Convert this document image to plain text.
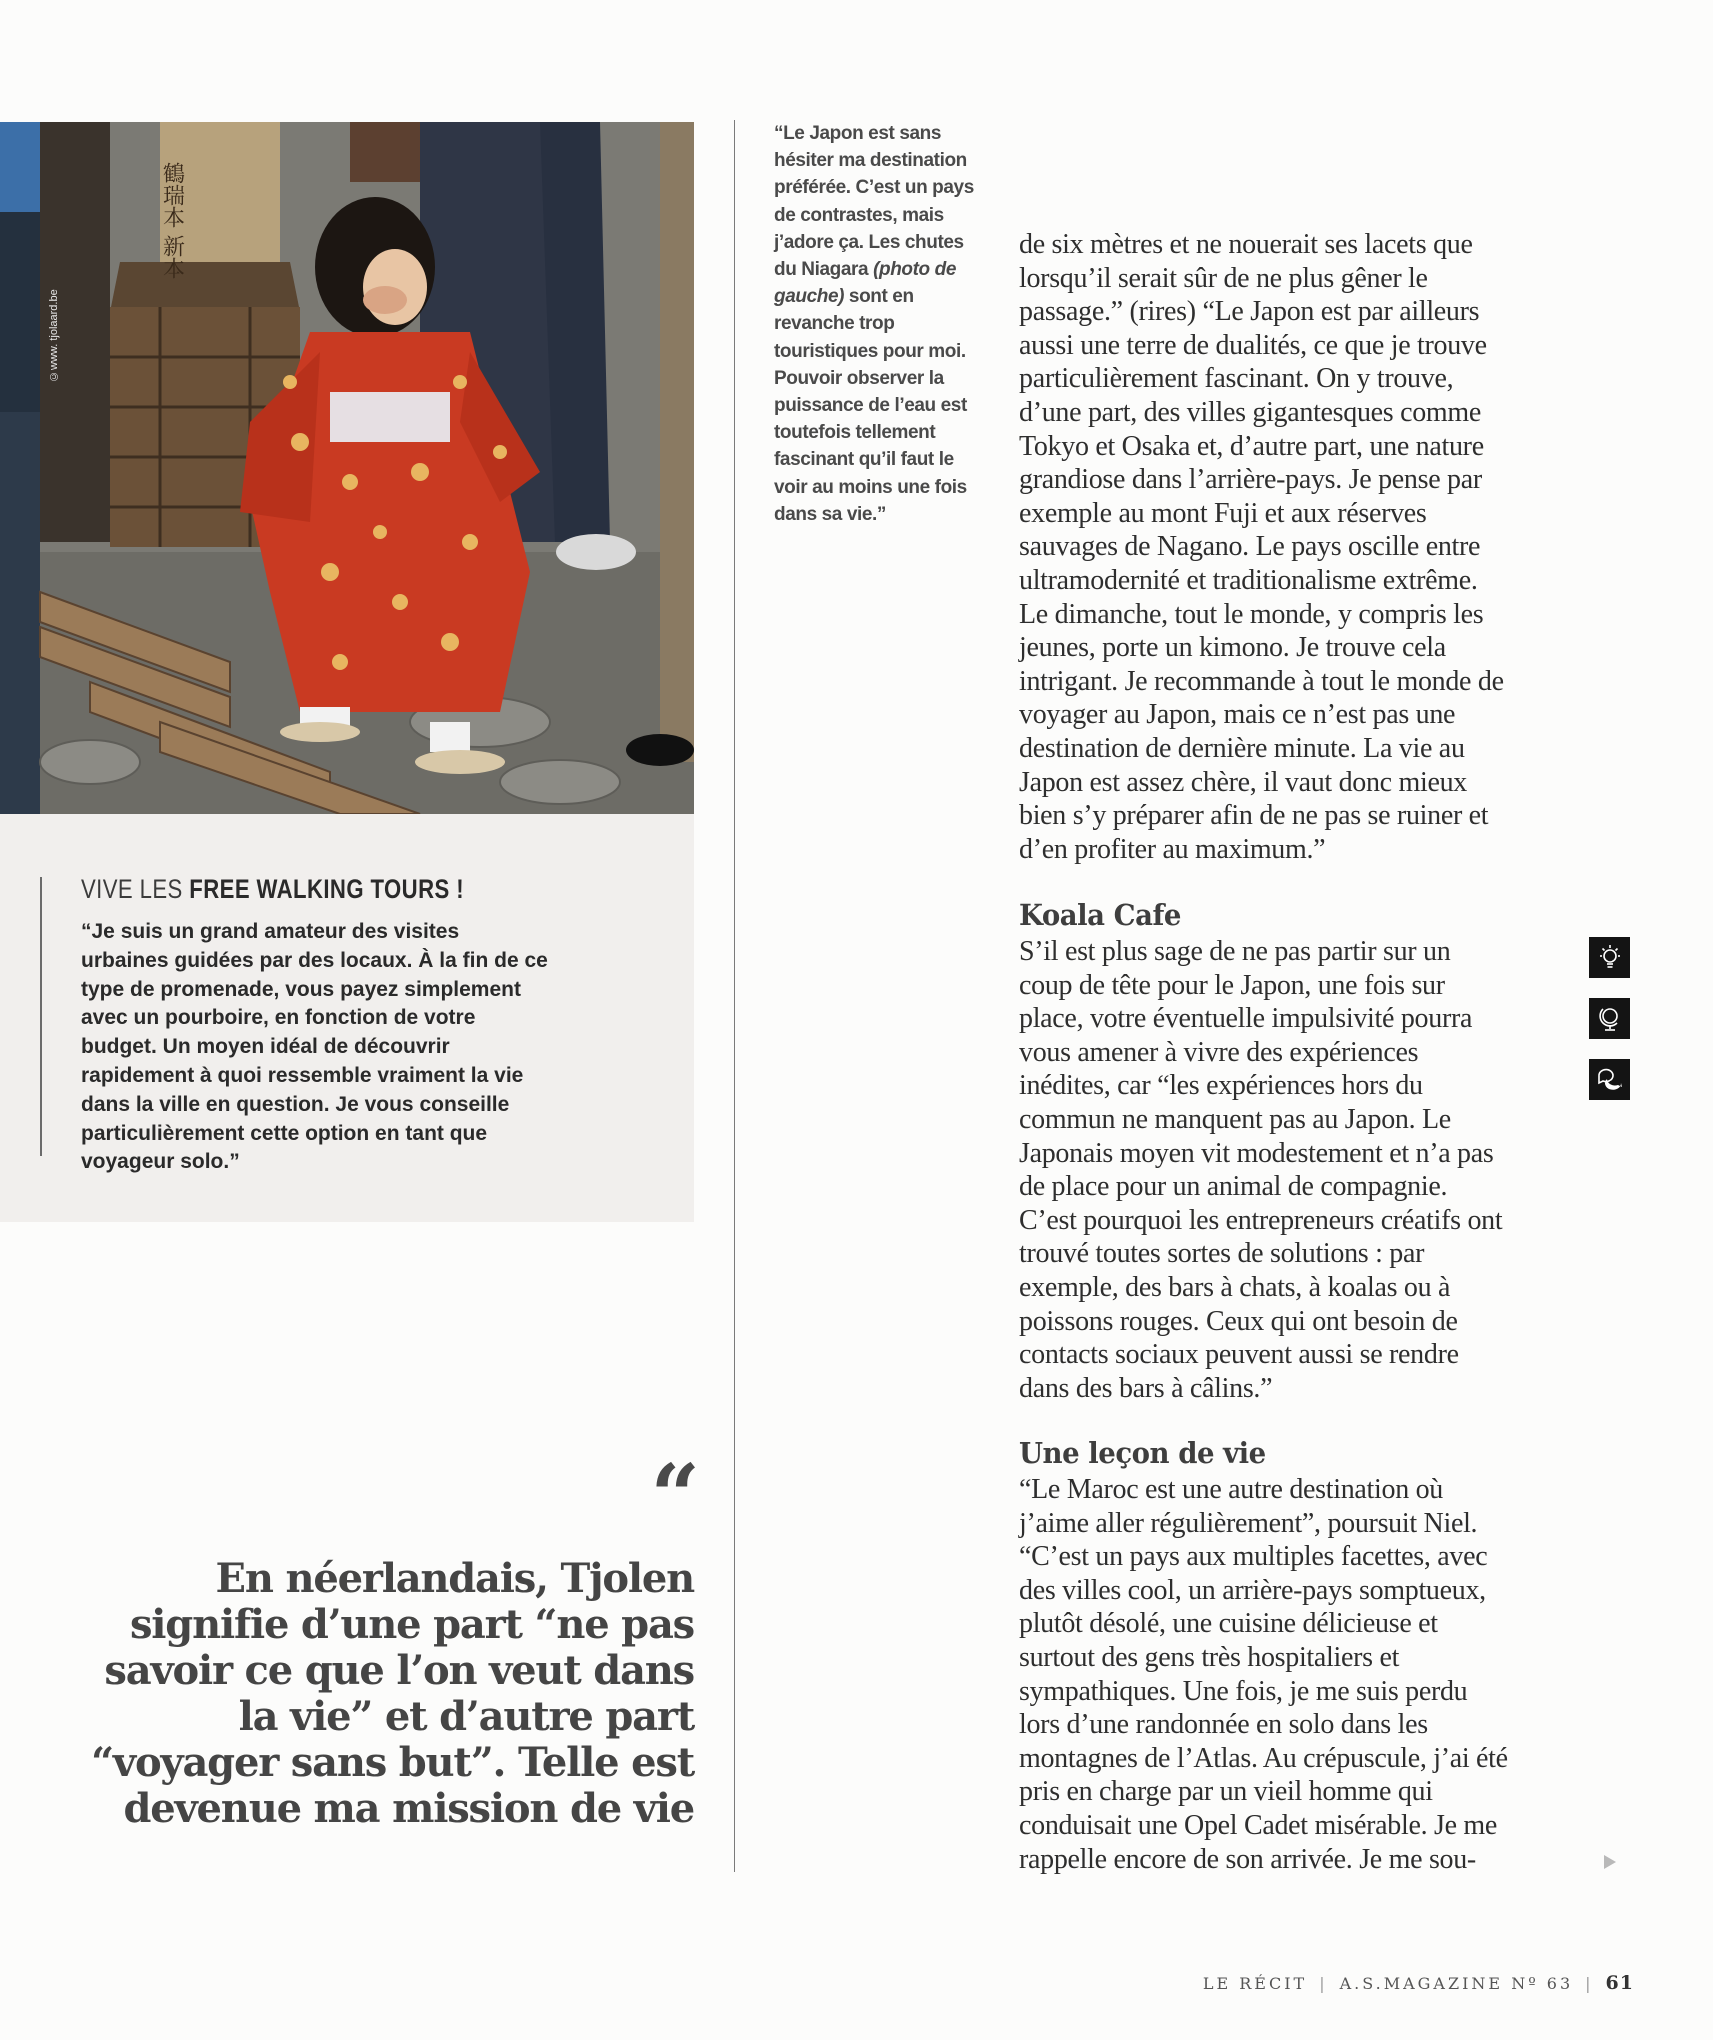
鶴瑞本 新本
©www. tjolaard.be
VIVE LES FREE WALKING TOURS !
“Je suis un grand amateur des visites urbaines guidées par des locaux. À la fin de ce type de promenade, vous payez simplement avec un pourboire, en fonction de votre budget. Un moyen idéal de découvrir rapidement à quoi ressemble vraiment la vie dans la ville en question. Je vous conseille particulièrement cette option en tant que voyageur solo.”
“Le Japon est sans hésiter ma destination préférée. C’est un pays de contrastes, mais j’adore ça. Les chutes du Niagara (photo de gauche) sont en revanche trop touristiques pour moi. Pouvoir observer la puissance de l’eau est toutefois tellement fascinant qu’il faut le voir au moins une fois dans sa vie.”

de six mètres et ne nouerait ses lacets que lorsqu’il serait sûr de ne plus gêner le passage.” (rires) “Le Japon est par ailleurs aussi une terre de dualités, ce que je trouve particulièrement fascinant. On y trouve, d’une part, des villes gigantesques comme Tokyo et Osaka et, d’autre part, une nature grandiose dans l’arrière-pays. Je pense par exemple au mont Fuji et aux réserves sauvages de Nagano. Le pays oscille entre ultramodernité et traditionalisme extrême. Le dimanche, tout le monde, y compris les jeunes, porte un kimono. Je trouve cela intrigant. Je recommande à tout le monde de voyager au Japon, mais ce n’est pas une destination de dernière minute. La vie au Japon est assez chère, il vaut donc mieux bien s’y préparer afin de ne pas se ruiner et d’en profiter au maximum.”

Koala Cafe

S’il est plus sage de ne pas partir sur un coup de tête pour le Japon, une fois sur place, votre éventuelle impulsivité pourra vous amener à vivre des expériences inédites, car “les expériences hors du commun ne manquent pas au Japon. Le Japonais moyen vit modestement et n’a pas de place pour un animal de compagnie. C’est pourquoi les entrepreneurs créatifs ont trouvé toutes sortes de solutions : par exemple, des bars à chats, à koalas ou à poissons rouges. Ceux qui ont besoin de contacts sociaux peuvent aussi se rendre dans des bars à câlins.”

Une leçon de vie

“Le Maroc est une autre destination où j’aime aller régulièrement”, poursuit Niel. “C’est un pays aux multiples facettes, avec des villes cool, un arrière-pays somptueux, plutôt désolé, une cuisine délicieuse et surtout des gens très hospitaliers et sympathiques. Une fois, je me suis perdu lors d’une randonnée en solo dans les montagnes de l’Atlas. Au crépuscule, j’ai été pris en charge par un vieil homme qui conduisait une Opel Cadet misérable. Je me rappelle encore de son arrivée. Je me sou-

“
En néerlandais, Tjolen signifie d’une part “ne pas savoir ce que l’on veut dans la vie” et d’autre part “voyager sans but”. Telle est devenue ma mission de vie
LE RÉCIT | A.S.MAGAZINE Nº 63 | 61
